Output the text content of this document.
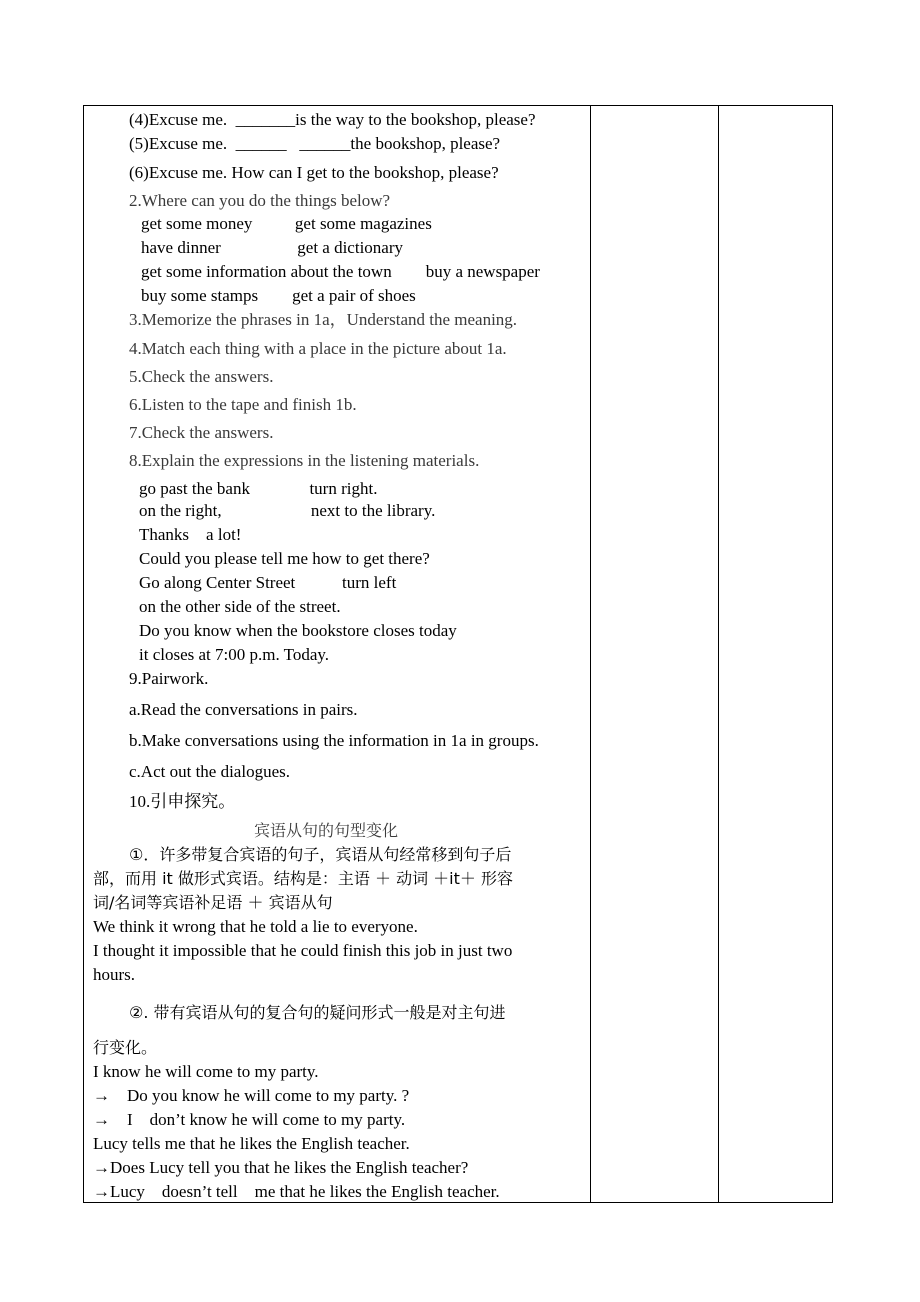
(4)Excuse me.  _______is the way to the bookshop, please?
(5)Excuse me.  ______   ______the bookshop, please?
(6)Excuse me. How can I get to the bookshop, please?
2.Where can you do the things below?
get some money          get some magazines
have dinner                  get a dictionary
get some information about the town        buy a newspaper
buy some stamps        get a pair of shoes
3.Memorize the phrases in 1a，Understand the meaning.
4.Match each thing with a place in the picture about 1a.
5.Check the answers.
6.Listen to the tape and finish 1b.
7.Check the answers.
8.Explain the expressions in the listening materials.
go past the bank              turn right.
on the right,                     next to the library.
Thanks    a lot!
Could you please tell me how to get there?
Go along Center Street           turn left
on the other side of the street.
Do you know when the bookstore closes today
it closes at 7:00 p.m. Today.
9.Pairwork.
a.Read the conversations in pairs.
b.Make conversations using the information in 1a in groups.
c.Act out the dialogues.
10.引申探究。
宾语从句的句型变化
①．许多带复合宾语的句子，宾语从句经常移到句子后
部，而用 it 做形式宾语。结构是：主语 ＋ 动词 ＋it＋ 形容
词/名词等宾语补足语 ＋ 宾语从句
We think it wrong that he told a lie to everyone.
I thought it impossible that he could finish this job in just two
hours.
②. 带有宾语从句的复合句的疑问形式一般是对主句进
行变化。
I know he will come to my party.
→    Do you know he will come to my party. ?
→    I    don’t know he will come to my party.
Lucy tells me that he likes the English teacher.
→Does Lucy tell you that he likes the English teacher?
→Lucy    doesn’t tell    me that he likes the English teacher.
